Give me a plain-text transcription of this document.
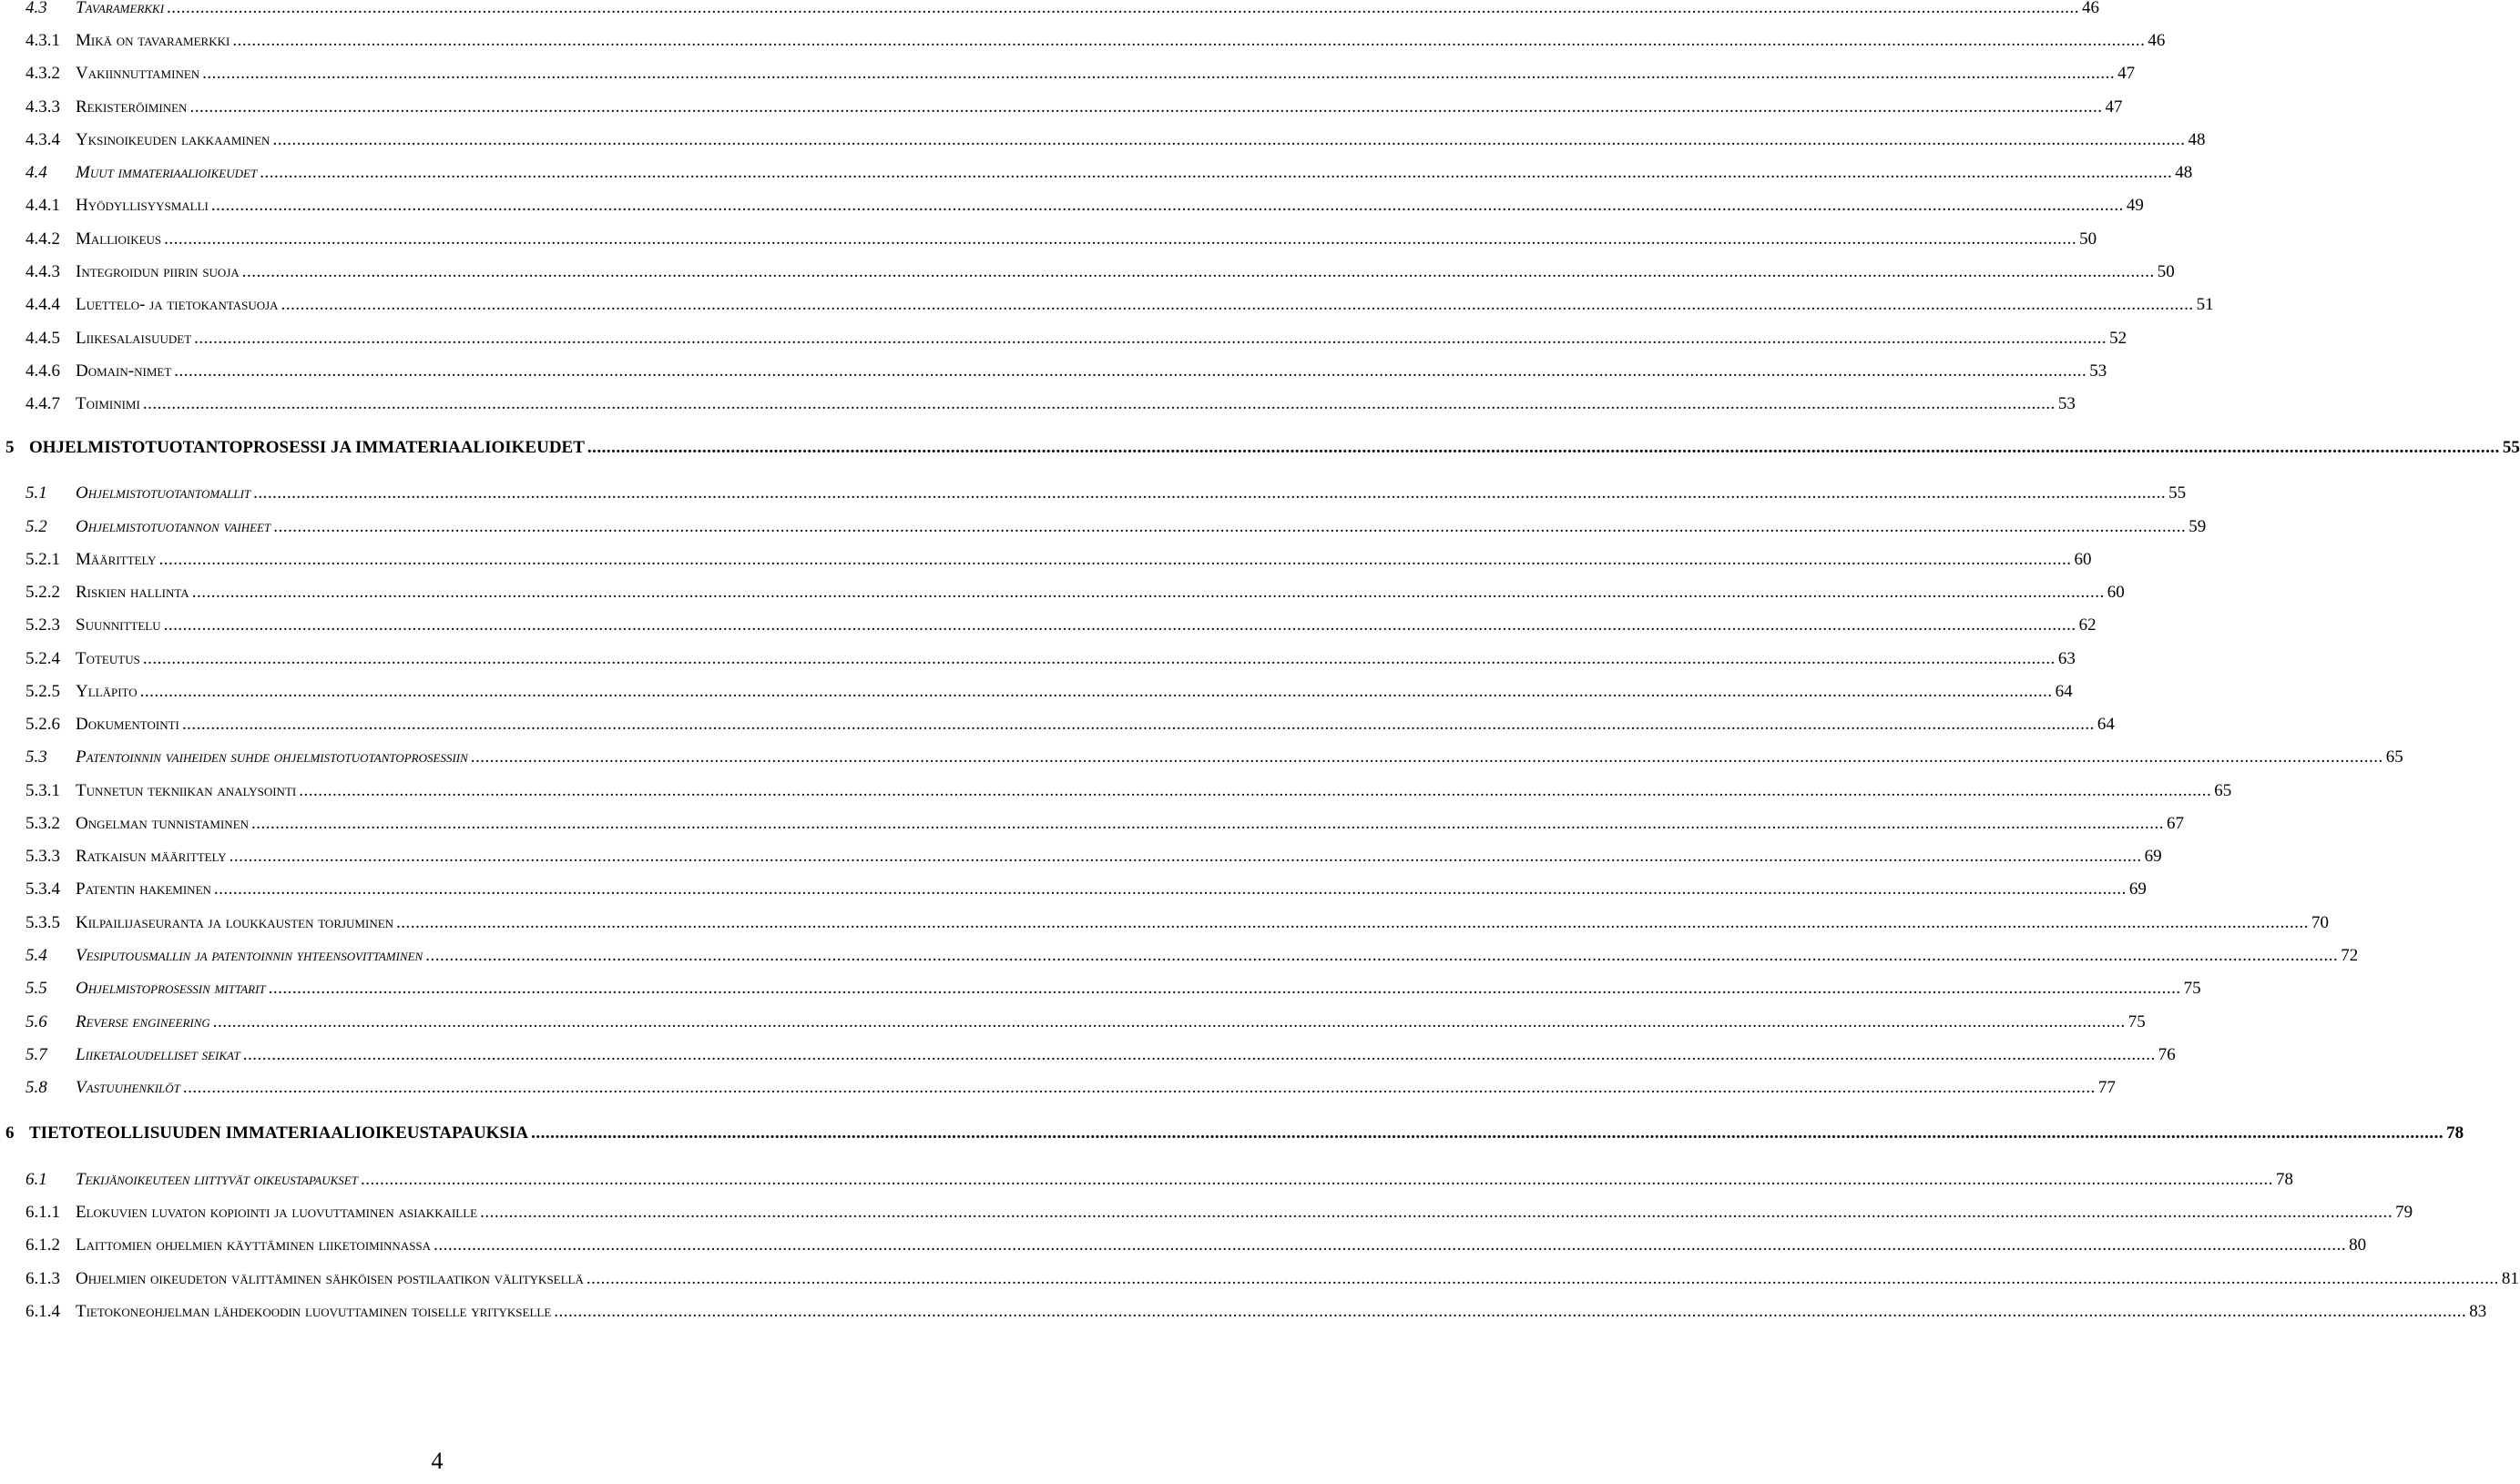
4.3	Tavaramerkki ................................................................................................................................................................................................................................................................................................................................................................................................................ 46
4.3.1 Mikä on tavaramerkki ................................................................................................................................................................................................................................................................................................................................................................................................................ 46
4.3.2 Vakiinnuttaminen ................................................................................................................................................................................................................................................................................................................................................................................................................ 47
4.3.3 Rekisteröiminen ................................................................................................................................................................................................................................................................................................................................................................................................................ 47
4.3.4 Yksinoikeuden lakkaaminen ................................................................................................................................................................................................................................................................................................................................................................................................................ 48
4.4	Muut immateriaalioikeudet ................................................................................................................................................................................................................................................................................................................................................................................................................ 48
4.4.1 Hyödyllisyysmalli ................................................................................................................................................................................................................................................................................................................................................................................................................ 49
4.4.2 Mallioikeus ................................................................................................................................................................................................................................................................................................................................................................................................................ 50
4.4.3 Integroidun piirin suoja ................................................................................................................................................................................................................................................................................................................................................................................................................ 50
4.4.4 Luettelo- ja tietokantasuoja ................................................................................................................................................................................................................................................................................................................................................................................................................ 51
4.4.5 Liikesalaisuudet ................................................................................................................................................................................................................................................................................................................................................................................................................ 52
4.4.6 Domain-nimet ................................................................................................................................................................................................................................................................................................................................................................................................................ 53
4.4.7 Toiminimi ................................................................................................................................................................................................................................................................................................................................................................................................................ 53
5 OHJELMISTOTUOTANTOPROSESSI JA IMMATERIAALIOIKEUDET ................................................................................................................................................................................................................................................................................................................................................................................................................ 55
5.1	Ohjelmistotuotantomallit ................................................................................................................................................................................................................................................................................................................................................................................................................ 55
5.2	Ohjelmistotuotannon vaiheet ................................................................................................................................................................................................................................................................................................................................................................................................................ 59
5.2.1 Määrittely ................................................................................................................................................................................................................................................................................................................................................................................................................ 60
5.2.2 Riskien hallinta ................................................................................................................................................................................................................................................................................................................................................................................................................ 60
5.2.3 Suunnittelu ................................................................................................................................................................................................................................................................................................................................................................................................................ 62
5.2.4 Toteutus ................................................................................................................................................................................................................................................................................................................................................................................................................ 63
5.2.5 Ylläpito ................................................................................................................................................................................................................................................................................................................................................................................................................ 64
5.2.6 Dokumentointi ................................................................................................................................................................................................................................................................................................................................................................................................................ 64
5.3	Patentoinnin vaiheiden suhde ohjelmistotuotantoprosessiin ................................................................................................................................................................................................................................................................................................................................................................................................................ 65
5.3.1 Tunnetun tekniikan analysointi ................................................................................................................................................................................................................................................................................................................................................................................................................ 65
5.3.2 Ongelman tunnistaminen ................................................................................................................................................................................................................................................................................................................................................................................................................ 67
5.3.3 Ratkaisun määrittely ................................................................................................................................................................................................................................................................................................................................................................................................................ 69
5.3.4 Patentin hakeminen ................................................................................................................................................................................................................................................................................................................................................................................................................ 69
5.3.5 Kilpailijaseuranta ja loukkausten torjuminen ................................................................................................................................................................................................................................................................................................................................................................................................................ 70
5.4	Vesiputousmallin ja patentoinnin yhteensovittaminen ................................................................................................................................................................................................................................................................................................................................................................................................................ 72
5.5	Ohjelmistoprosessin mittarit ................................................................................................................................................................................................................................................................................................................................................................................................................ 75
5.6	Reverse engineering ................................................................................................................................................................................................................................................................................................................................................................................................................ 75
5.7	Liiketaloudelliset seikat ................................................................................................................................................................................................................................................................................................................................................................................................................ 76
5.8	Vastuuhenkilöt ................................................................................................................................................................................................................................................................................................................................................................................................................ 77
6 TIETOTEOLLISUUDEN IMMATERIAALIOIKEUSTAPAUKSIA ................................................................................................................................................................................................................................................................................................................................................................................................................ 78
6.1	Tekijänoikeuteen liittyvät oikeustapaukset ................................................................................................................................................................................................................................................................................................................................................................................................................ 78
6.1.1 Elokuvien luvaton kopiointi ja luovuttaminen asiakkaille ................................................................................................................................................................................................................................................................................................................................................................................................................ 79
6.1.2 Laittomien ohjelmien käyttäminen liiketoiminnassa ................................................................................................................................................................................................................................................................................................................................................................................................................ 80
6.1.3 Ohjelmien oikeudeton välittäminen sähköisen postilaatikon välityksellä ................................................................................................................................................................................................................................................................................................................................................................................................................ 81
6.1.4 Tietokoneohjelman lähdekoodin luovuttaminen toiselle yritykselle ................................................................................................................................................................................................................................................................................................................................................................................................................ 83
4
